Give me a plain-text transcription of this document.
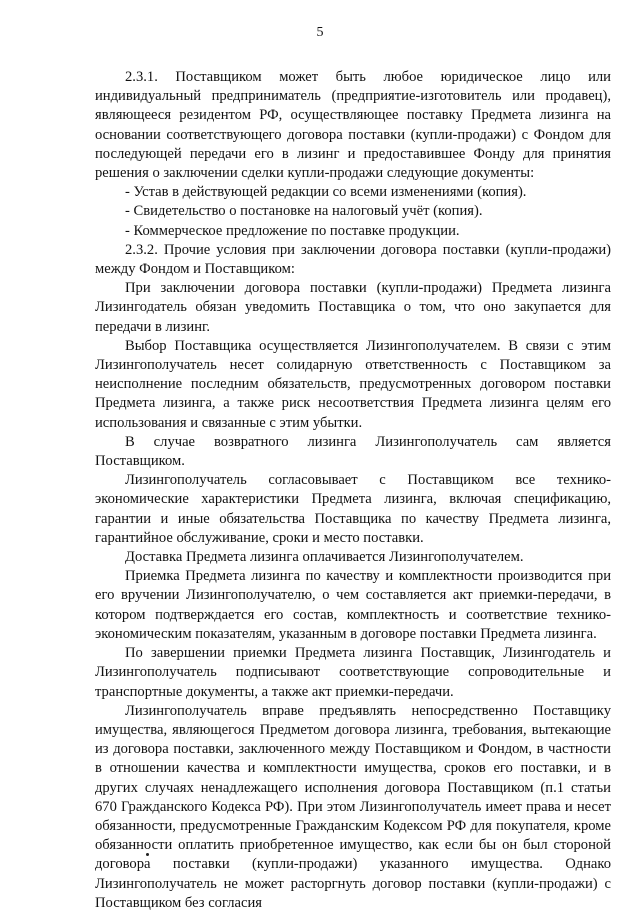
5

2.3.1. Поставщиком может быть любое юридическое лицо или индивидуальный предприниматель (предприятие-изготовитель или продавец), являющееся резидентом РФ, осуществляющее поставку Предмета лизинга на основании соответствующего договора поставки (купли-продажи) с Фондом для последующей передачи его в лизинг и предоставившее Фонду для принятия решения о заключении сделки купли-продажи следующие документы:

- Устав в действующей редакции со всеми изменениями (копия).

- Свидетельство о постановке на налоговый учёт (копия).

- Коммерческое предложение по поставке продукции.

2.3.2. Прочие условия при заключении договора поставки (купли-продажи) между Фондом и Поставщиком:

При заключении договора поставки (купли-продажи) Предмета лизинга Лизингодатель обязан уведомить Поставщика о том, что оно закупается для передачи в лизинг.

Выбор Поставщика осуществляется Лизингополучателем. В связи с этим Лизингополучатель несет солидарную ответственность с Поставщиком за неисполнение последним обязательств, предусмотренных договором поставки Предмета лизинга, а также риск несоответствия Предмета лизинга целям его использования и связанные с этим убытки.

В случае возвратного лизинга Лизингополучатель сам является Поставщиком.

Лизингополучатель согласовывает с Поставщиком все технико-экономические характеристики Предмета лизинга, включая спецификацию, гарантии и иные обязательства Поставщика по качеству Предмета лизинга, гарантийное обслуживание, сроки и место поставки.

Доставка Предмета лизинга оплачивается Лизингополучателем.

Приемка Предмета лизинга по качеству и комплектности производится при его вручении Лизингополучателю, о чем составляется акт приемки-передачи, в котором подтверждается его состав, комплектность и соответствие технико-экономическим показателям, указанным в договоре поставки Предмета лизинга.

По завершении приемки Предмета лизинга Поставщик, Лизингодатель и Лизингополучатель подписывают соответствующие сопроводительные и транспортные документы, а также акт приемки-передачи.

Лизингополучатель вправе предъявлять непосредственно Поставщику имущества, являющегося Предметом договора лизинга, требования, вытекающие из договора поставки, заключенного между Поставщиком и Фондом, в частности в отношении качества и комплектности имущества, сроков его поставки, и в других случаях ненадлежащего исполнения договора Поставщиком (п.1 статьи 670 Гражданского Кодекса РФ). При этом Лизингополучатель имеет права и несет обязанности, предусмотренные Гражданским Кодексом РФ для покупателя, кроме обязанности оплатить приобретенное имущество, как если бы он был стороной договора поставки (купли-продажи) указанного имущества. Однако Лизингополучатель не может расторгнуть договор поставки (купли-продажи) с Поставщиком без согласия
